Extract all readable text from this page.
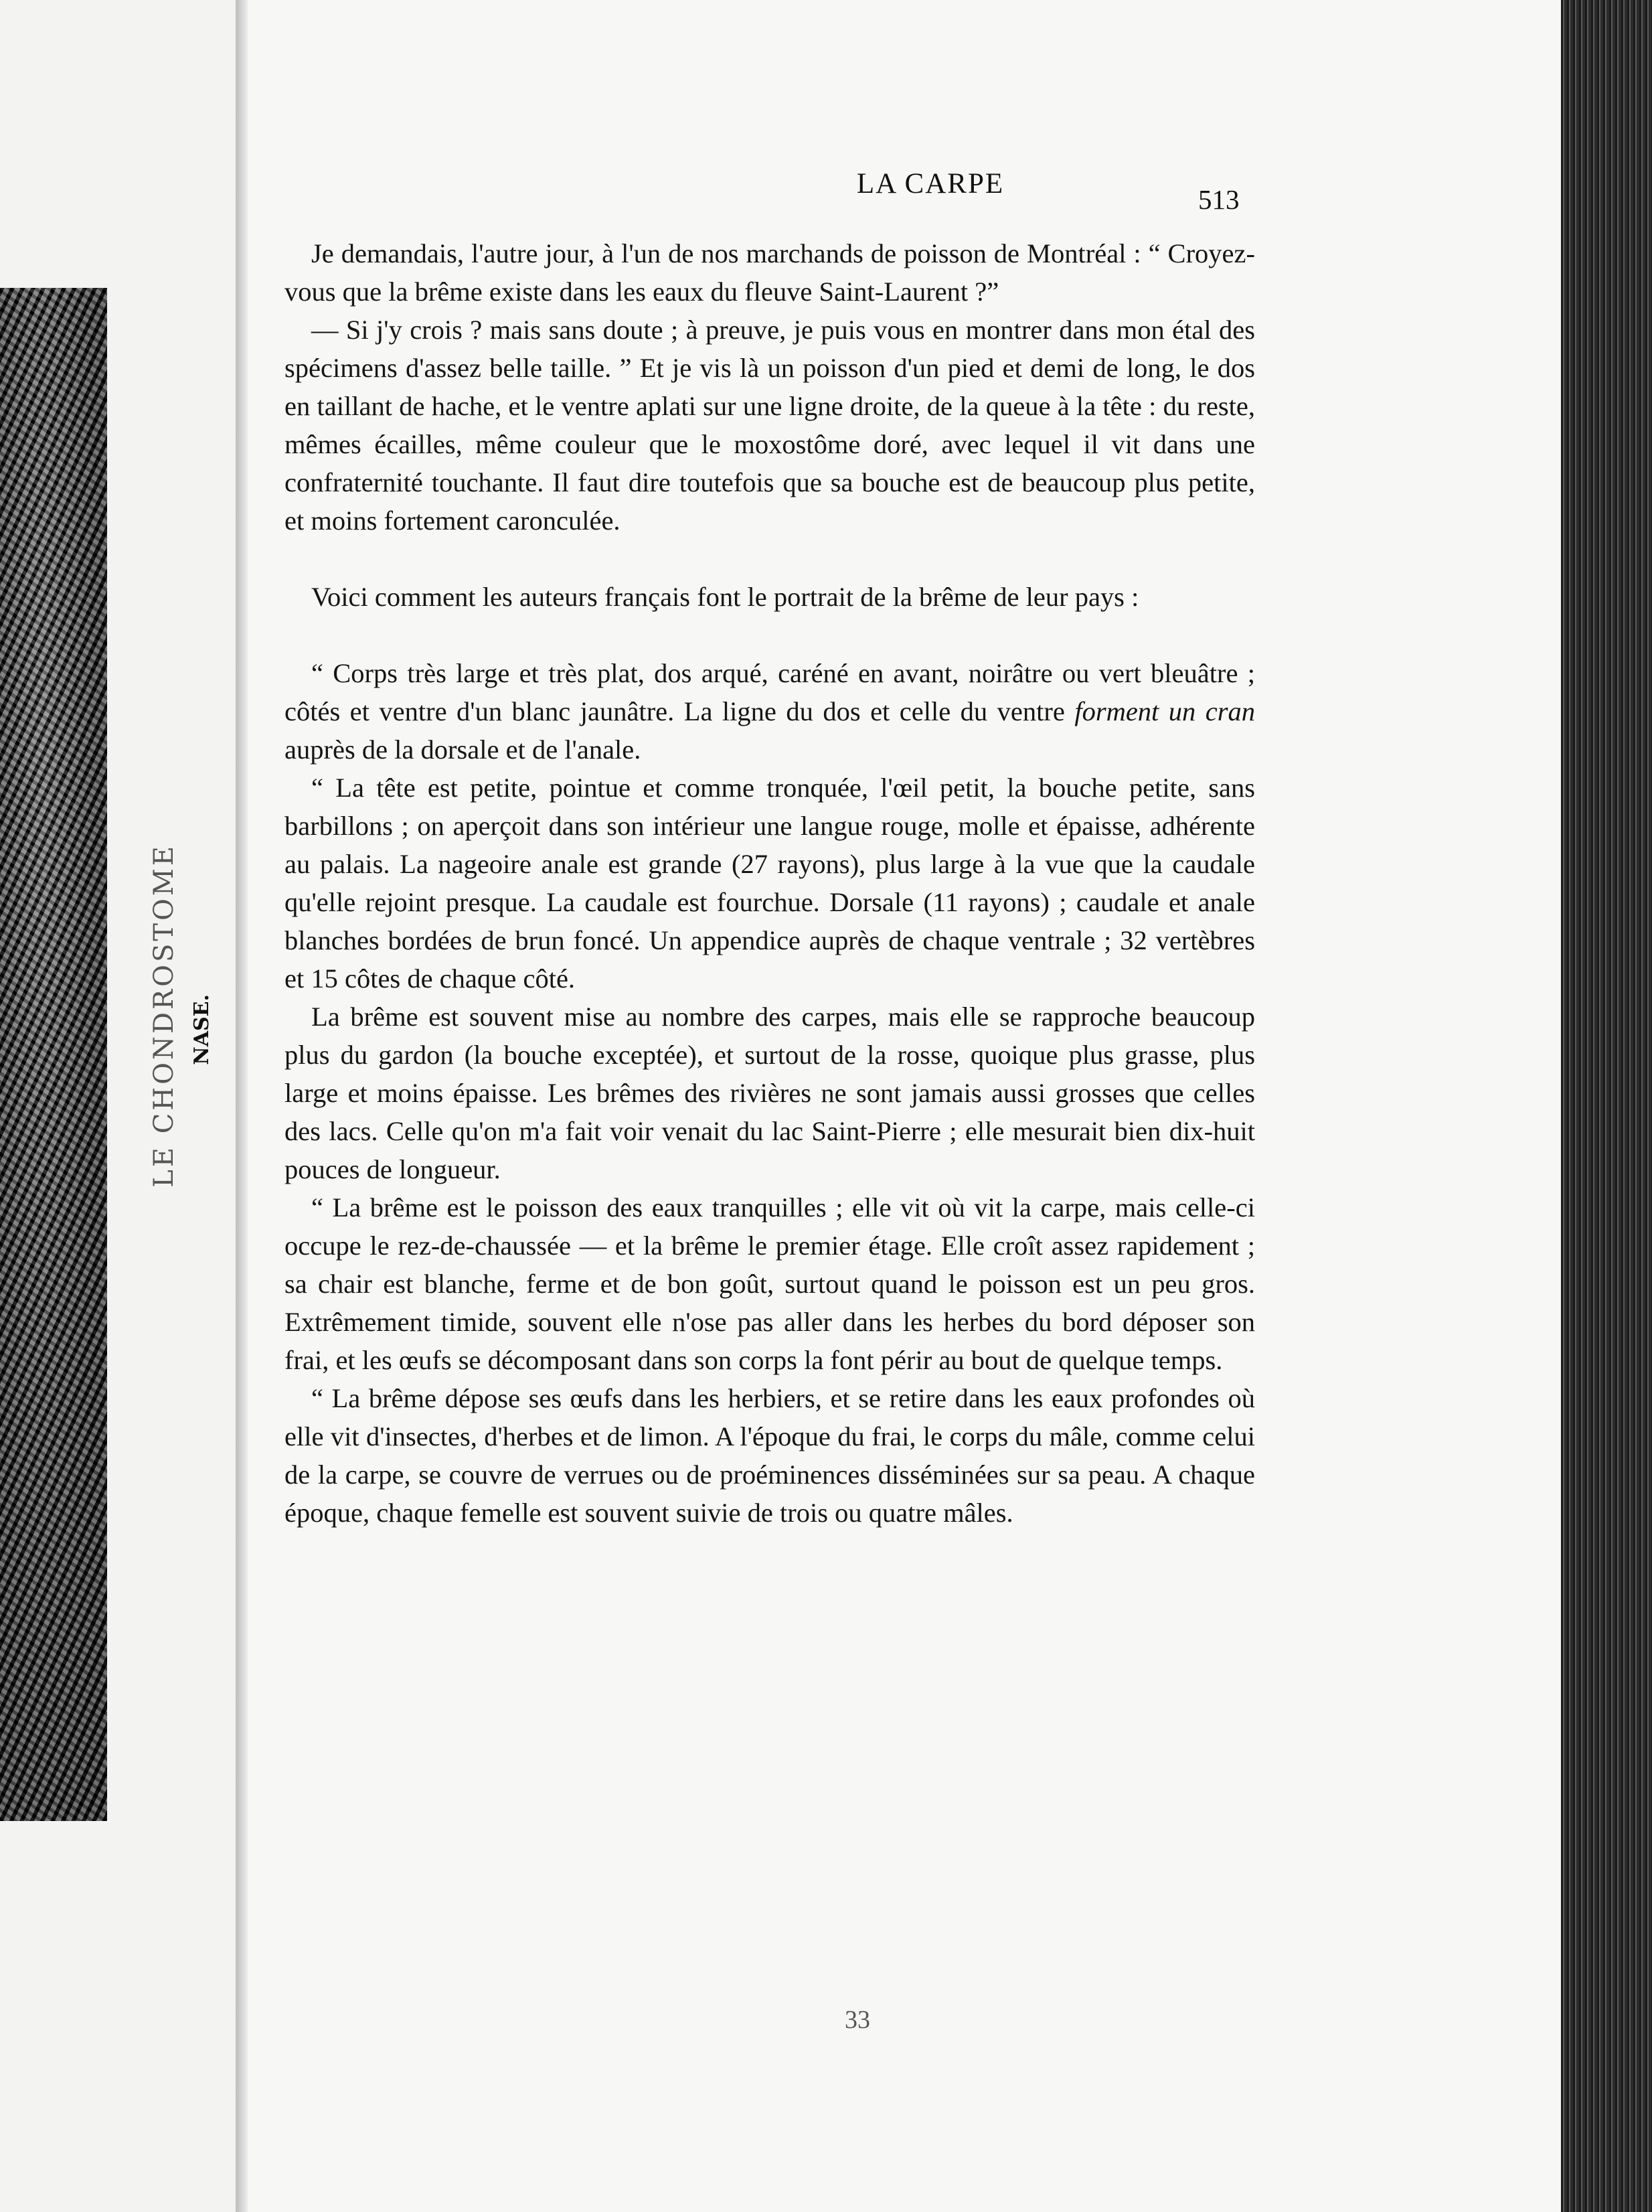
LE CHONDROSTOME NASE.
LA CARPE	513

Je demandais, l'autre jour, à l'un de nos marchands de poisson de Montréal : “ Croyez-vous que la brême existe dans les eaux du fleuve Saint-Laurent ?”

— Si j'y crois ? mais sans doute ; à preuve, je puis vous en montrer dans mon étal des spécimens d'assez belle taille. ” Et je vis là un poisson d'un pied et demi de long, le dos en taillant de hache, et le ventre aplati sur une ligne droite, de la queue à la tête : du reste, mêmes écailles, même couleur que le moxostôme doré, avec lequel il vit dans une confraternité touchante. Il faut dire toutefois que sa bouche est de beaucoup plus petite, et moins fortement caronculée.

Voici comment les auteurs français font le portrait de la brême de leur pays :

“ Corps très large et très plat, dos arqué, caréné en avant, noirâtre ou vert bleuâtre ; côtés et ventre d'un blanc jaunâtre. La ligne du dos et celle du ventre forment un cran auprès de la dorsale et de l'anale.

“ La tête est petite, pointue et comme tronquée, l'œil petit, la bouche petite, sans barbillons ; on aperçoit dans son intérieur une langue rouge, molle et épaisse, adhérente au palais. La nageoire anale est grande (27 rayons), plus large à la vue que la caudale qu'elle rejoint presque. La caudale est fourchue. Dorsale (11 rayons) ; caudale et anale blanches bordées de brun foncé. Un appendice auprès de chaque ventrale ; 32 vertèbres et 15 côtes de chaque côté.

La brême est souvent mise au nombre des carpes, mais elle se rapproche beaucoup plus du gardon (la bouche exceptée), et surtout de la rosse, quoique plus grasse, plus large et moins épaisse. Les brêmes des rivières ne sont jamais aussi grosses que celles des lacs. Celle qu'on m'a fait voir venait du lac Saint-Pierre ; elle mesurait bien dix-huit pouces de longueur.

“ La brême est le poisson des eaux tranquilles ; elle vit où vit la carpe, mais celle-ci occupe le rez-de-chaussée — et la brême le premier étage. Elle croît assez rapidement ; sa chair est blanche, ferme et de bon goût, surtout quand le poisson est un peu gros. Extrêmement timide, souvent elle n'ose pas aller dans les herbes du bord déposer son frai, et les œufs se décomposant dans son corps la font périr au bout de quelque temps.

“ La brême dépose ses œufs dans les herbiers, et se retire dans les eaux profondes où elle vit d'insectes, d'herbes et de limon. A l'époque du frai, le corps du mâle, comme celui de la carpe, se couvre de verrues ou de proéminences disséminées sur sa peau. A chaque époque, chaque femelle est souvent suivie de trois ou quatre mâles.

33
